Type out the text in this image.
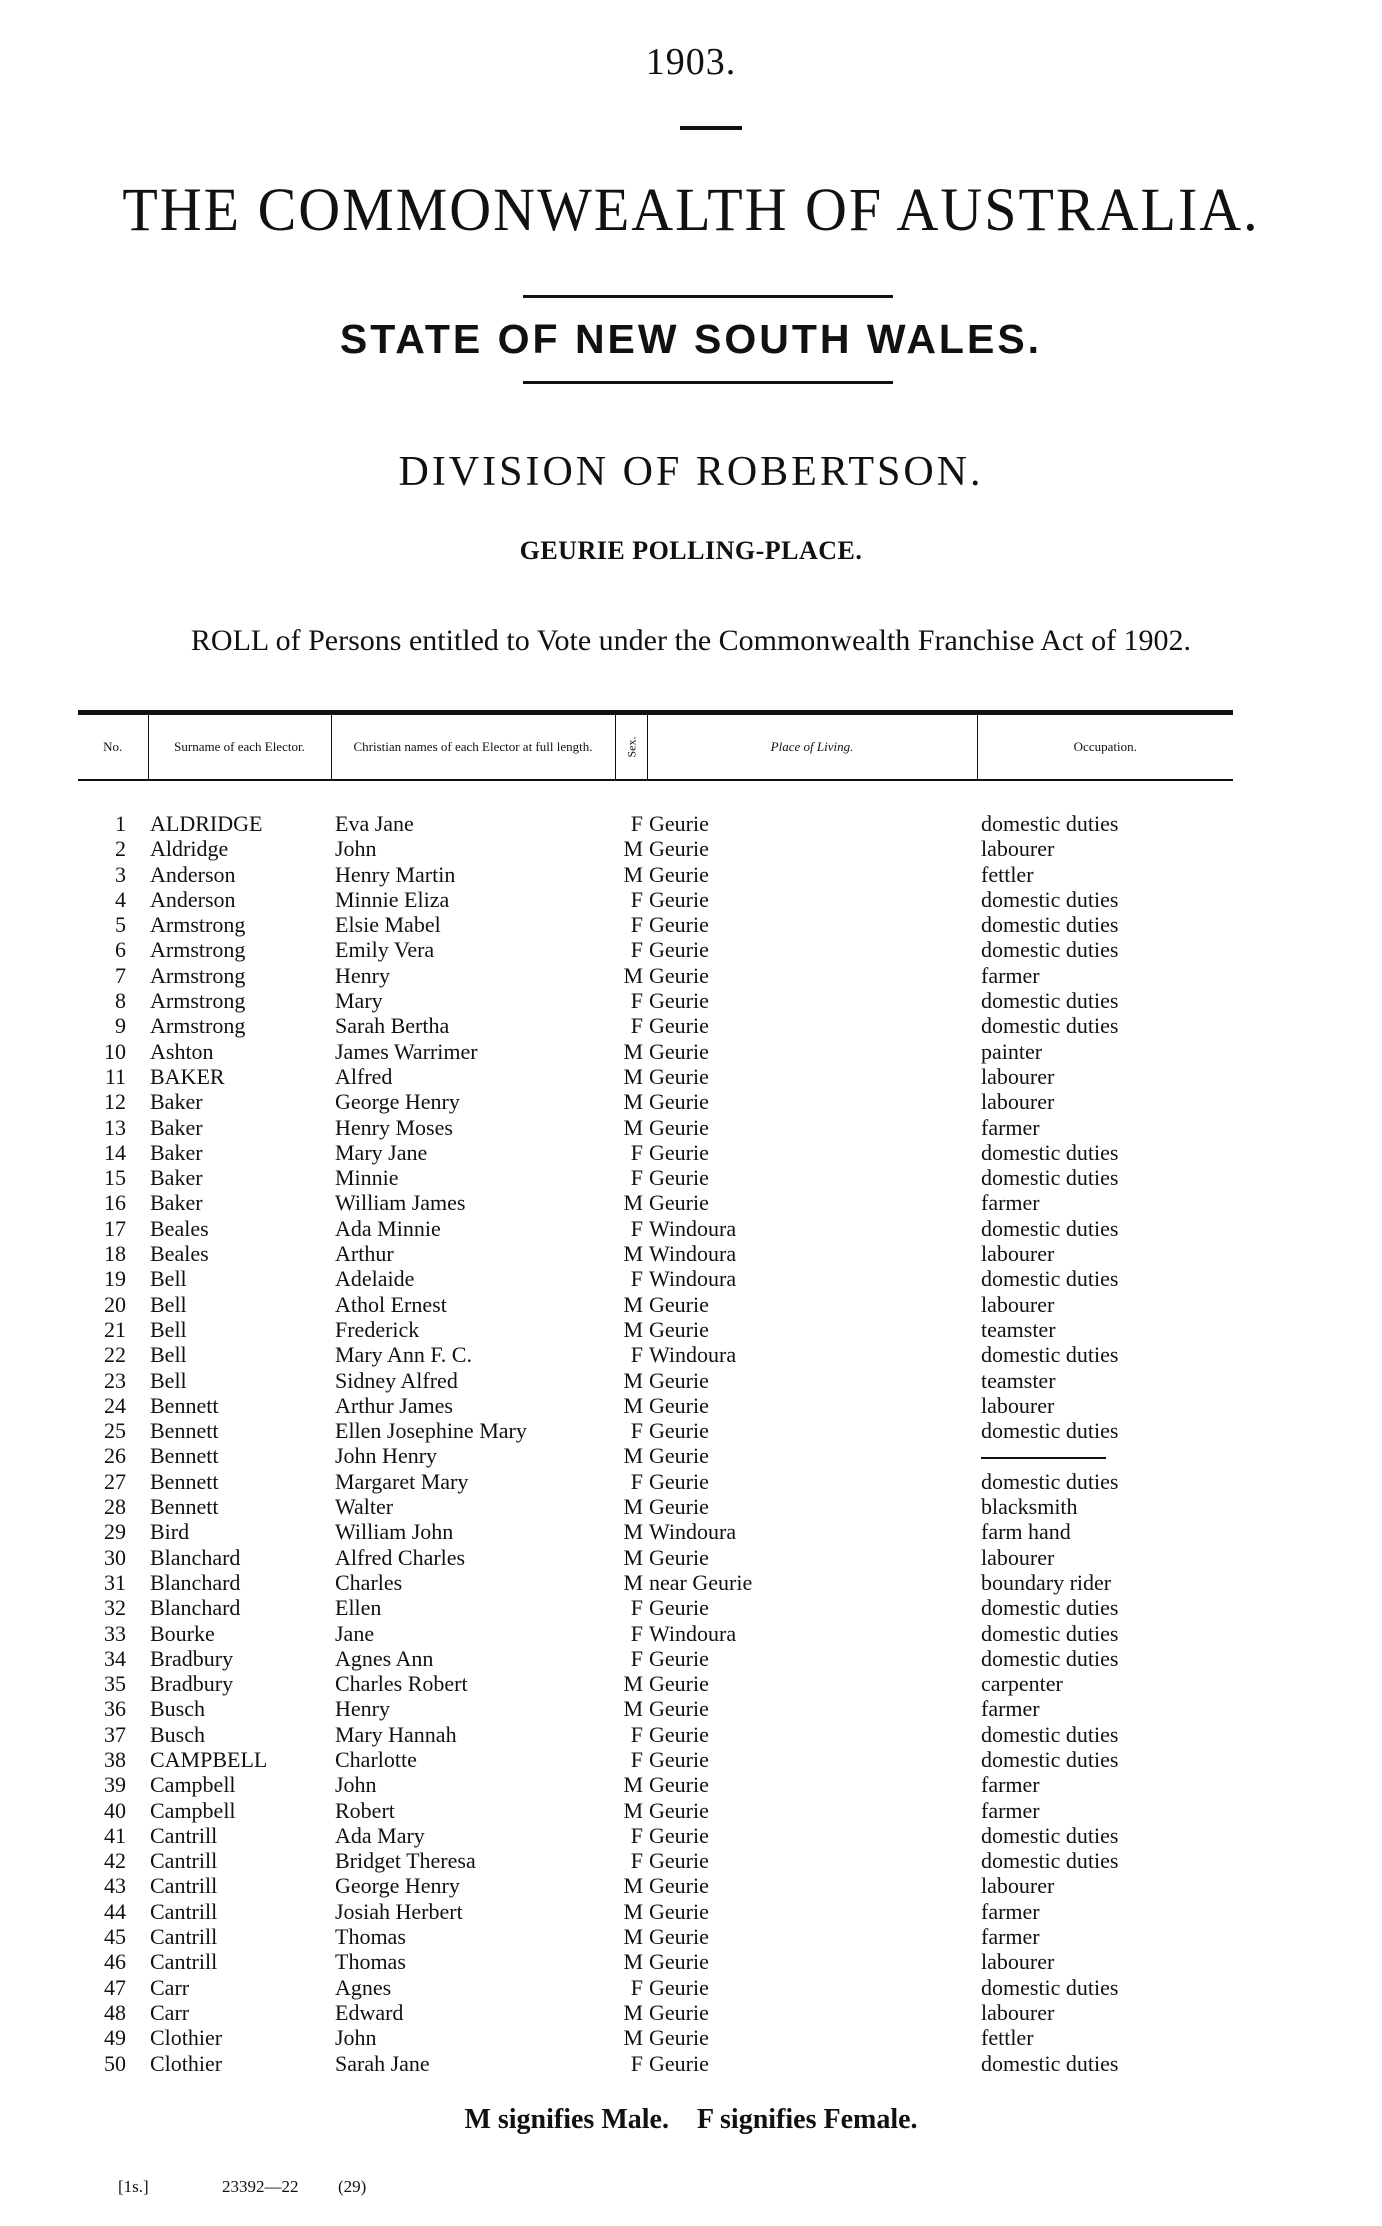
1903.
THE COMMONWEALTH OF AUSTRALIA.
STATE OF NEW SOUTH WALES.
DIVISION OF ROBERTSON.
GEURIE POLLING-PLACE.
ROLL of Persons entitled to Vote under the Commonwealth Franchise Act of 1902.
No.	Surname of each Elector.	Christian names of each Elector at full length.	Sex.	Place of Living.	Occupation.

1	ALDRIDGE	Eva Jane	F	Geurie	domestic duties
2	Aldridge	John	M	Geurie	labourer
3	Anderson	Henry Martin	M	Geurie	fettler
4	Anderson	Minnie Eliza	F	Geurie	domestic duties
5	Armstrong	Elsie Mabel	F	Geurie	domestic duties
6	Armstrong	Emily Vera	F	Geurie	domestic duties
7	Armstrong	Henry	M	Geurie	farmer
8	Armstrong	Mary	F	Geurie	domestic duties
9	Armstrong	Sarah Bertha	F	Geurie	domestic duties
10	Ashton	James Warrimer	M	Geurie	painter
11	BAKER	Alfred	M	Geurie	labourer
12	Baker	George Henry	M	Geurie	labourer
13	Baker	Henry Moses	M	Geurie	farmer
14	Baker	Mary Jane	F	Geurie	domestic duties
15	Baker	Minnie	F	Geurie	domestic duties
16	Baker	William James	M	Geurie	farmer
17	Beales	Ada Minnie	F	Windoura	domestic duties
18	Beales	Arthur	M	Windoura	labourer
19	Bell	Adelaide	F	Windoura	domestic duties
20	Bell	Athol Ernest	M	Geurie	labourer
21	Bell	Frederick	M	Geurie	teamster
22	Bell	Mary Ann F. C.	F	Windoura	domestic duties
23	Bell	Sidney Alfred	M	Geurie	teamster
24	Bennett	Arthur James	M	Geurie	labourer
25	Bennett	Ellen Josephine Mary	F	Geurie	domestic duties
26	Bennett	John Henry	M	Geurie	
27	Bennett	Margaret Mary	F	Geurie	domestic duties
28	Bennett	Walter	M	Geurie	blacksmith
29	Bird	William John	M	Windoura	farm hand
30	Blanchard	Alfred Charles	M	Geurie	labourer
31	Blanchard	Charles	M	near Geurie	boundary rider
32	Blanchard	Ellen	F	Geurie	domestic duties
33	Bourke	Jane	F	Windoura	domestic duties
34	Bradbury	Agnes Ann	F	Geurie	domestic duties
35	Bradbury	Charles Robert	M	Geurie	carpenter
36	Busch	Henry	M	Geurie	farmer
37	Busch	Mary Hannah	F	Geurie	domestic duties
38	CAMPBELL	Charlotte	F	Geurie	domestic duties
39	Campbell	John	M	Geurie	farmer
40	Campbell	Robert	M	Geurie	farmer
41	Cantrill	Ada Mary	F	Geurie	domestic duties
42	Cantrill	Bridget Theresa	F	Geurie	domestic duties
43	Cantrill	George Henry	M	Geurie	labourer
44	Cantrill	Josiah Herbert	M	Geurie	farmer
45	Cantrill	Thomas	M	Geurie	farmer
46	Cantrill	Thomas	M	Geurie	labourer
47	Carr	Agnes	F	Geurie	domestic duties
48	Carr	Edward	M	Geurie	labourer
49	Clothier	John	M	Geurie	fettler
50	Clothier	Sarah Jane	F	Geurie	domestic duties
M signifies Male.    F signifies Female.
[1s.]	23392—22 (29)
